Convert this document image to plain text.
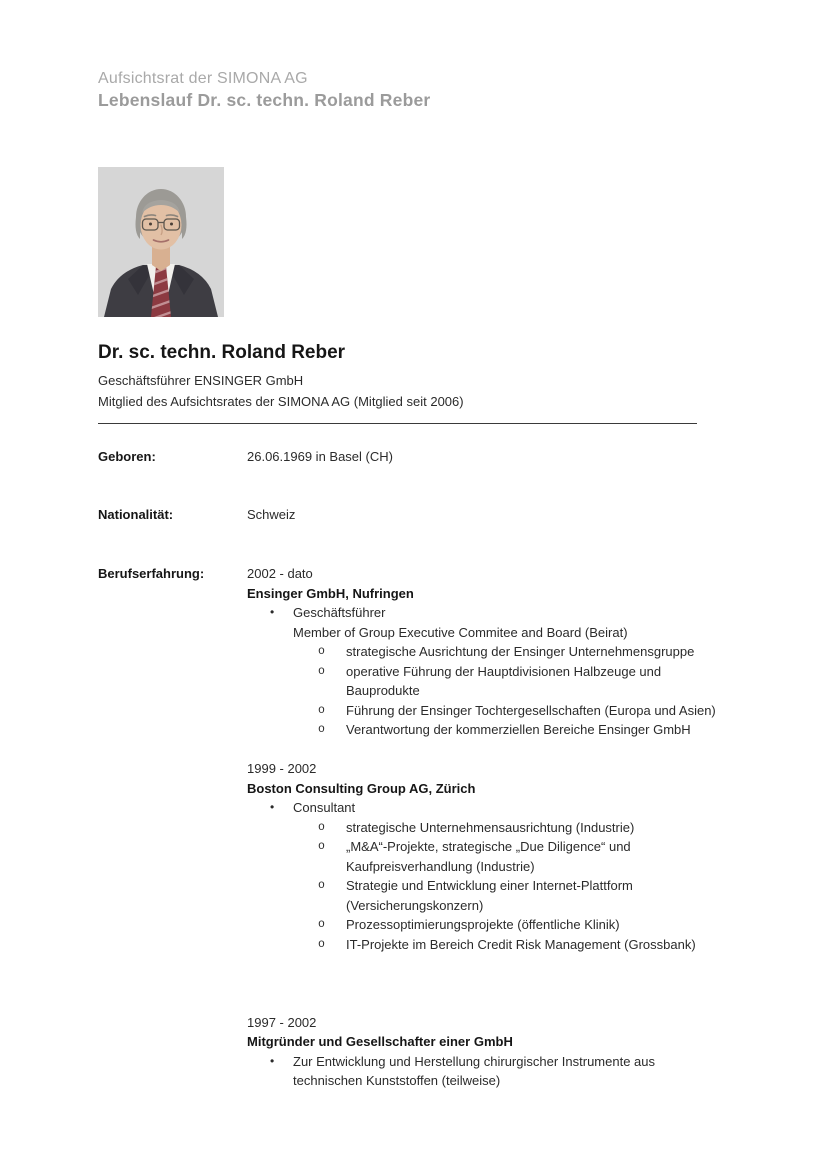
Aufsichtsrat der SIMONA AG
Lebenslauf Dr. sc. techn. Roland Reber
Dr. sc. techn. Roland Reber
Geschäftsführer ENSINGER GmbH
Mitglied des Aufsichtsrates der SIMONA AG (Mitglied seit 2006)
Geboren:	26.06.1969 in Basel (CH)
Nationalität:	Schweiz
Berufserfahrung:	2002 - dato
Ensinger GmbH, Nufringen
•	Geschäftsführer
Member of Group Executive Commitee and Board (Beirat)
o	strategische Ausrichtung der Ensinger Unternehmensgruppe
o	operative Führung der Hauptdivisionen Halbzeuge und
Bauprodukte
o	Führung der Ensinger Tochtergesellschaften (Europa und Asien)
o	Verantwortung der kommerziellen Bereiche Ensinger GmbH
1999 - 2002
Boston Consulting Group AG, Zürich
•	Consultant
o	strategische Unternehmensausrichtung (Industrie)
o	„M&A“-Projekte, strategische „Due Diligence“ und
Kaufpreisverhandlung (Industrie)
o	Strategie und Entwicklung einer Internet-Plattform
(Versicherungskonzern)
o	Prozessoptimierungsprojekte (öffentliche Klinik)
o	IT-Projekte im Bereich Credit Risk Management (Grossbank)
1997 - 2002
Mitgründer und Gesellschafter einer GmbH
•	Zur Entwicklung und Herstellung chirurgischer Instrumente aus
technischen Kunststoffen (teilweise)
